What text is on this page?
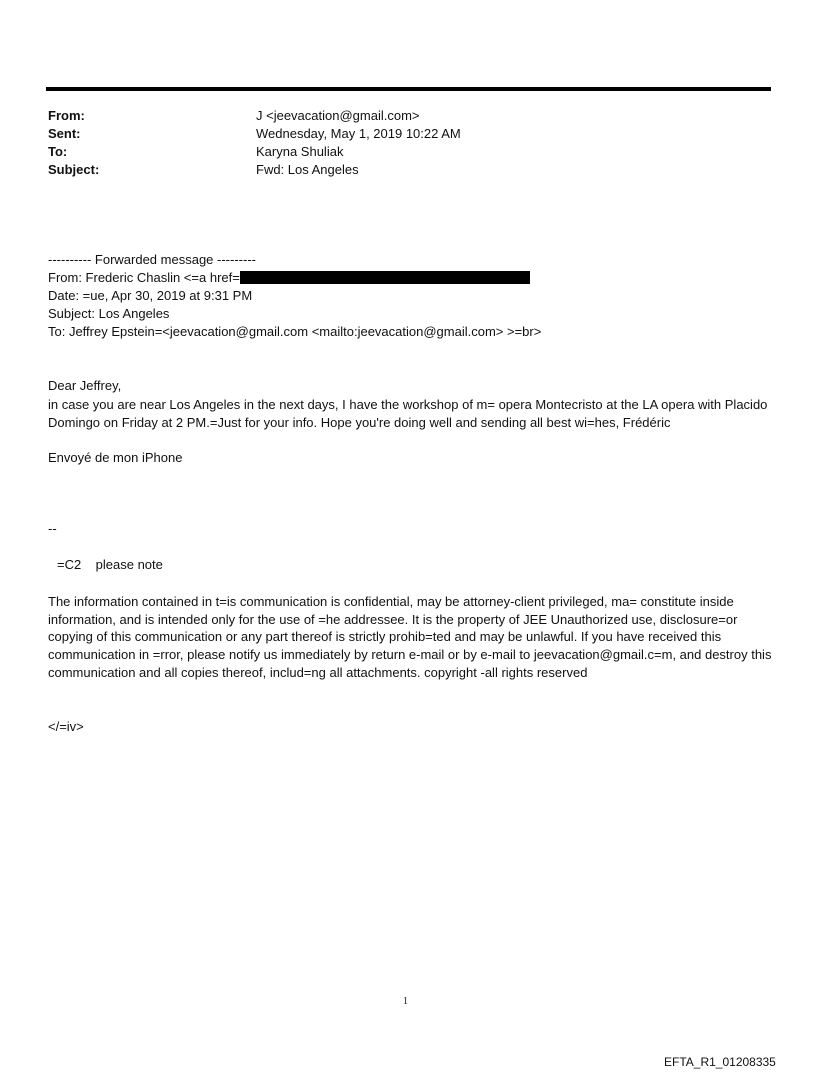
From:	J <jeevacation@gmail.com>
Sent:	Wednesday, May 1, 2019 10:22 AM
To:	Karyna Shuliak
Subject:	Fwd: Los Angeles
---------- Forwarded message ---------
From: Frederic Chaslin <=a href=
Date: =ue, Apr 30, 2019 at 9:31 PM
Subject: Los Angeles
To: Jeffrey Epstein=<jeevacation@gmail.com <mailto:jeevacation@gmail.com> >=br>
Dear Jeffrey,
in case you are near Los Angeles in the next days, I have the workshop of m= opera Montecristo at the LA opera with Placido Domingo on Friday at 2 PM.=Just for your info. Hope you're doing well and sending all best wi=hes, Frédéric
Envoyé de mon iPhone
--
=C2    please note
The information contained in t=is communication is confidential, may be attorney-client privileged, ma= constitute inside information, and is intended only for the use of =he addressee. It is the property of JEE Unauthorized use, disclosure=or copying of this communication or any part thereof is strictly prohib=ted and may be unlawful. If you have received this communication in =rror, please notify us immediately by return e-mail or by e-mail to jeevacation@gmail.c=m, and destroy this communication and all copies thereof, includ=ng all attachments. copyright -all rights reserved
</=iv>
1
EFTA_R1_01208335
